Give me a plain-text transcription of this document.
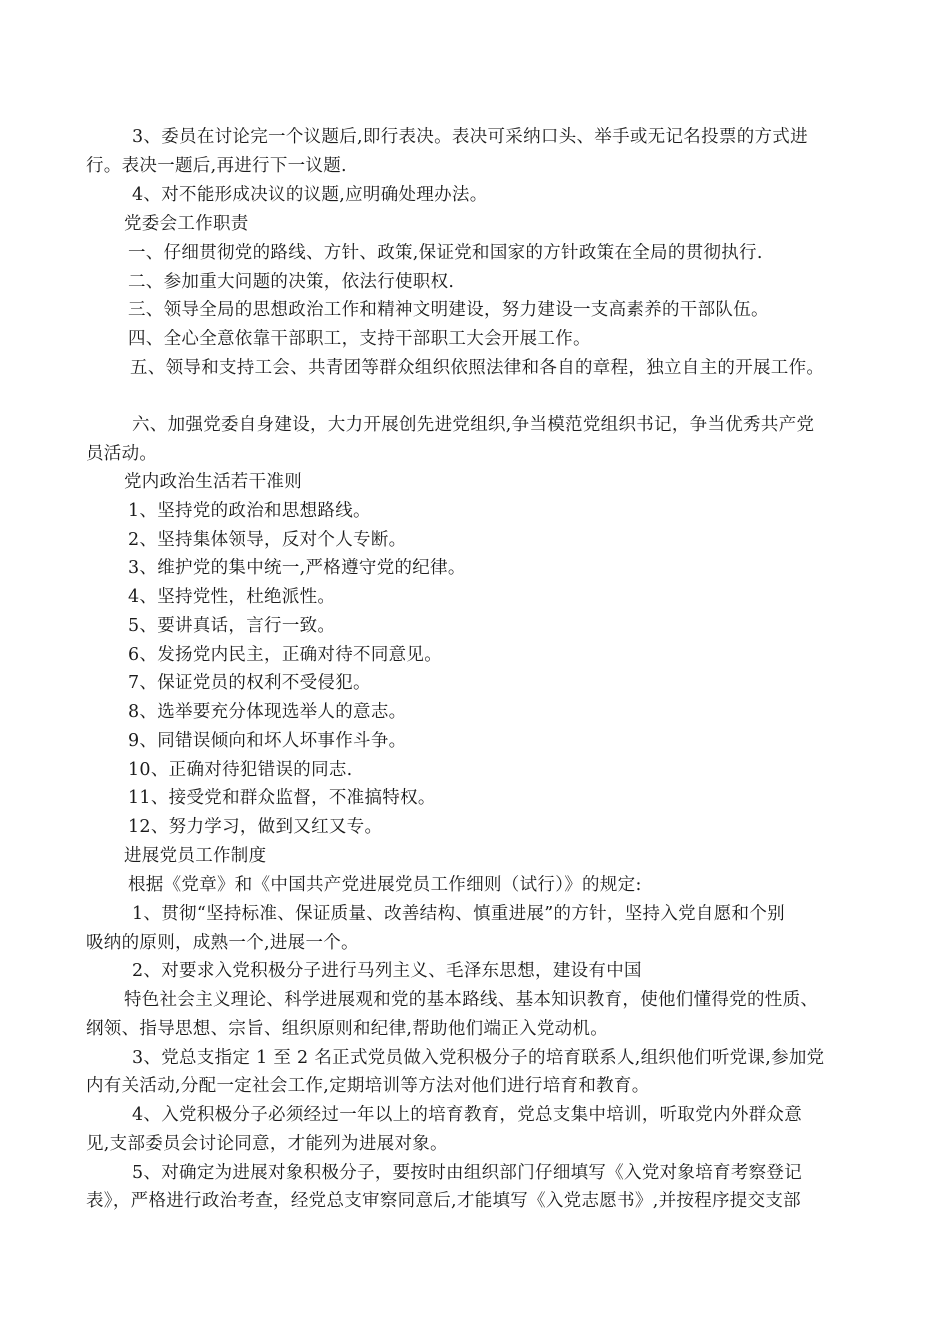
3、委员在讨论完一个议题后,即行表决。表决可采纳口头、举手或无记名投票的方式进
行。表决一题后,再进行下一议题.
4、对不能形成决议的议题,应明确处理办法。
党委会工作职责
一、仔细贯彻党的路线、方针、政策,保证党和国家的方针政策在全局的贯彻执行.
二、参加重大问题的决策，依法行使职权.
三、领导全局的思想政治工作和精神文明建设，努力建设一支高素养的干部队伍。
四、全心全意依靠干部职工，支持干部职工大会开展工作。
五、领导和支持工会、共青团等群众组织依照法律和各自的章程，独立自主的开展工作。
六、加强党委自身建设，大力开展创先进党组织,争当模范党组织书记，争当优秀共产党
员活动。
党内政治生活若干准则
1、坚持党的政治和思想路线。
2、坚持集体领导，反对个人专断。
3、维护党的集中统一,严格遵守党的纪律。
4、坚持党性，杜绝派性。
5、要讲真话，言行一致。
6、发扬党内民主，正确对待不同意见。
7、保证党员的权利不受侵犯。
8、选举要充分体现选举人的意志。
9、同错误倾向和坏人坏事作斗争。
10、正确对待犯错误的同志.
11、接受党和群众监督，不准搞特权。
12、努力学习，做到又红又专。
进展党员工作制度
根据《党章》和《中国共产党进展党员工作细则（试行）》的规定:
1、贯彻“坚持标准、保证质量、改善结构、慎重进展”的方针，坚持入党自愿和个别
吸纳的原则，成熟一个,进展一个。
2、对要求入党积极分子进行马列主义、毛泽东思想，建设有中国
特色社会主义理论、科学进展观和党的基本路线、基本知识教育，使他们懂得党的性质、
纲领、指导思想、宗旨、组织原则和纪律,帮助他们端正入党动机。
3、党总支指定 1 至 2 名正式党员做入党积极分子的培育联系人,组织他们听党课,参加党
内有关活动,分配一定社会工作,定期培训等方法对他们进行培育和教育。
4、入党积极分子必须经过一年以上的培育教育，党总支集中培训，听取党内外群众意
见,支部委员会讨论同意，才能列为进展对象。
5、对确定为进展对象积极分子，要按时由组织部门仔细填写《入党对象培育考察登记
表》，严格进行政治考查，经党总支审察同意后,才能填写《入党志愿书》,并按程序提交支部
